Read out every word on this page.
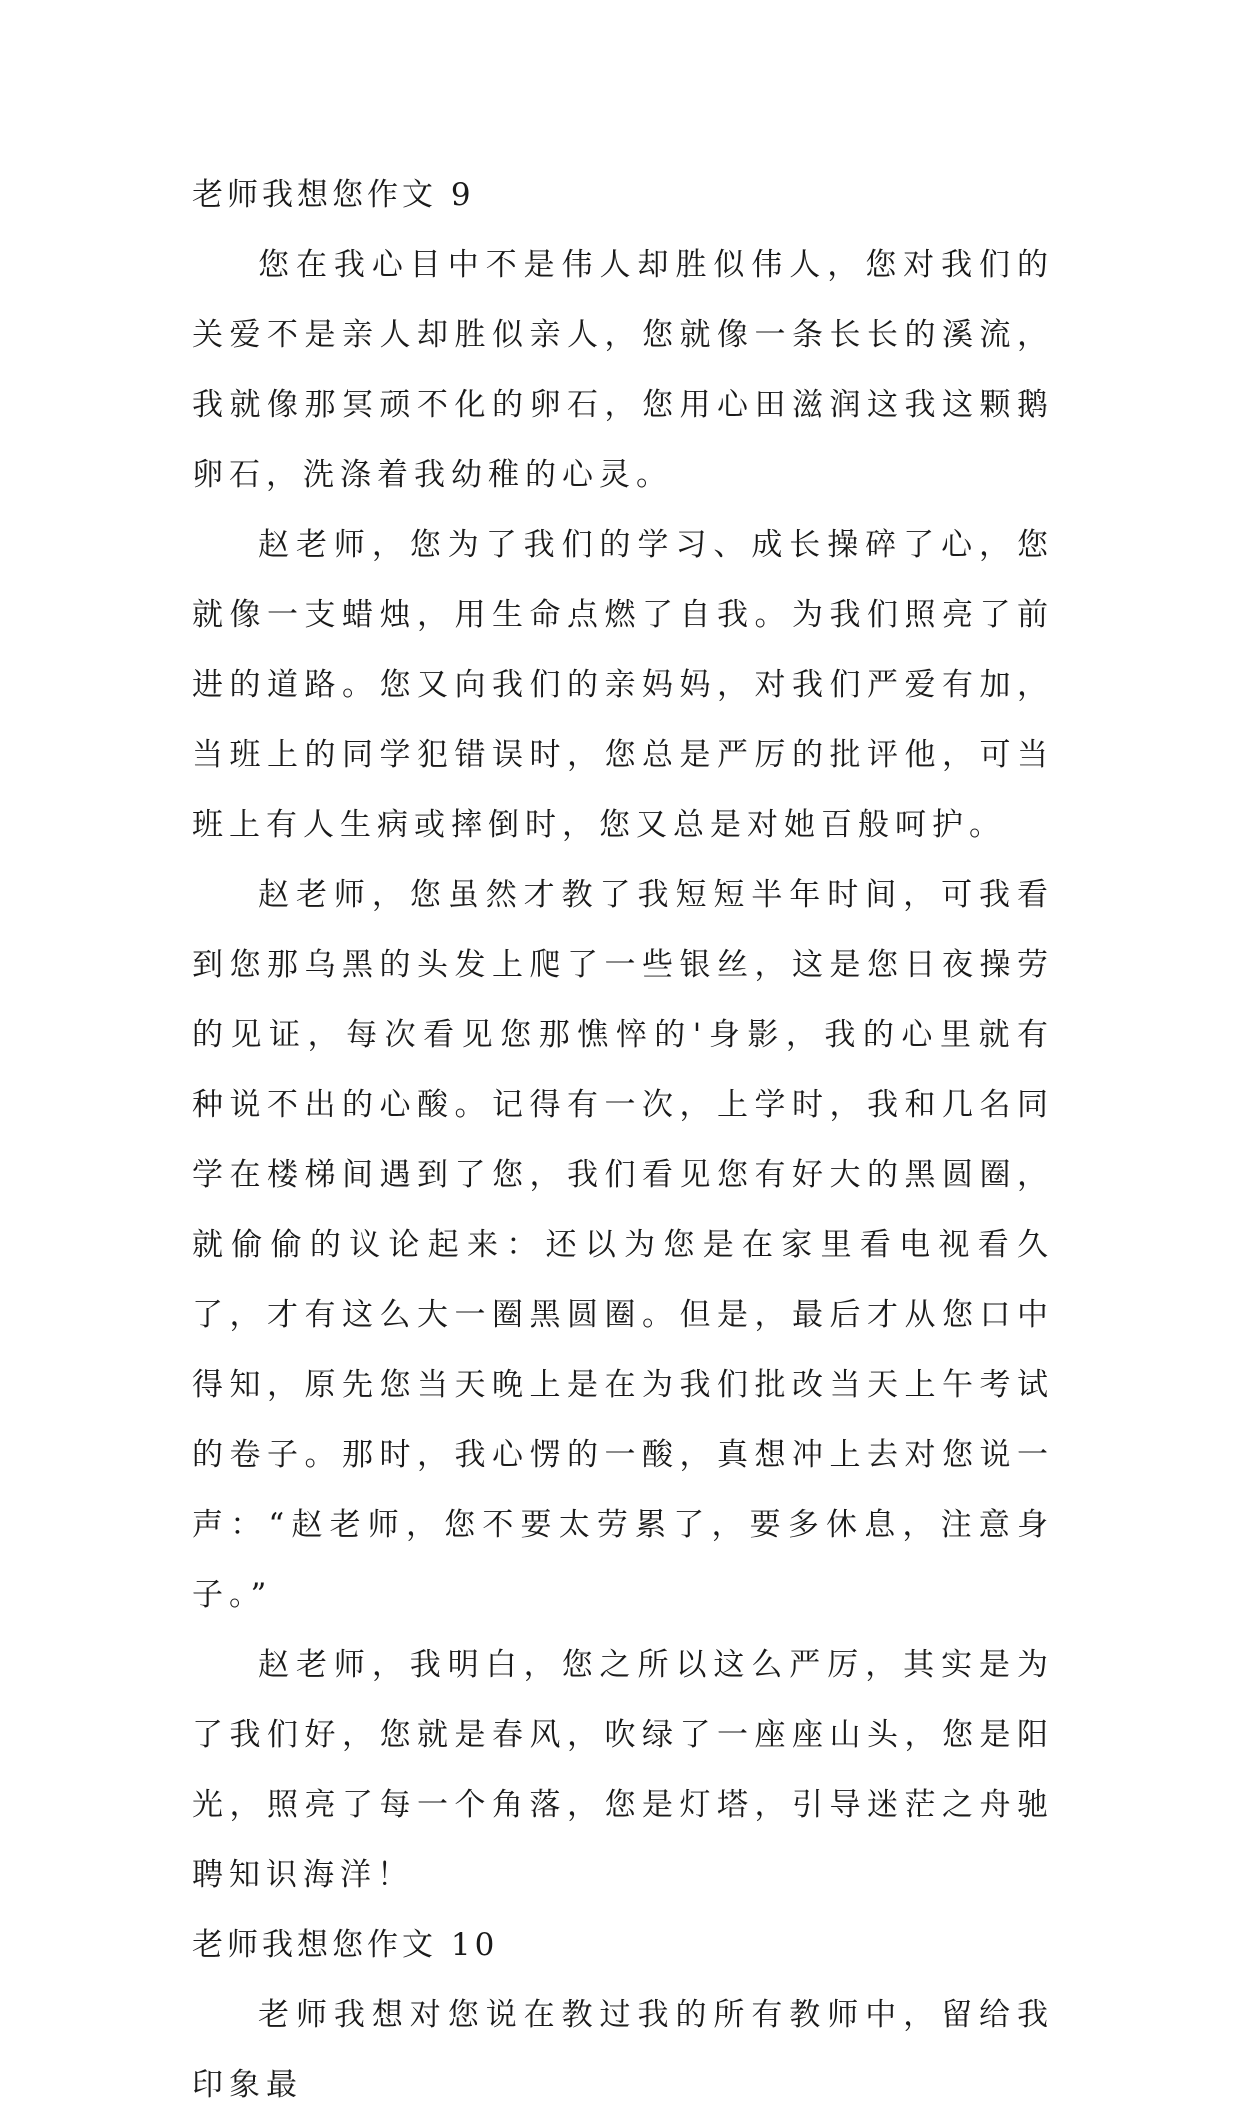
老师我想您作文 9

您在我心目中不是伟人却胜似伟人，您对我们的关爱不是亲人却胜似亲人，您就像一条长长的溪流，我就像那冥顽不化的卵石，您用心田滋润这我这颗鹅卵石，洗涤着我幼稚的心灵。

赵老师，您为了我们的学习、成长操碎了心，您就像一支蜡烛，用生命点燃了自我。为我们照亮了前进的道路。您又向我们的亲妈妈，对我们严爱有加，当班上的同学犯错误时，您总是严厉的批评他，可当班上有人生病或摔倒时，您又总是对她百般呵护。

赵老师，您虽然才教了我短短半年时间，可我看到您那乌黑的头发上爬了一些银丝，这是您日夜操劳的见证，每次看见您那憔悴的'身影，我的心里就有种说不出的心酸。记得有一次，上学时，我和几名同学在楼梯间遇到了您，我们看见您有好大的黑圆圈，就偷偷的议论起来：还以为您是在家里看电视看久了，才有这么大一圈黑圆圈。但是，最后才从您口中得知，原先您当天晚上是在为我们批改当天上午考试的卷子。那时，我心愣的一酸，真想冲上去对您说一声：“赵老师，您不要太劳累了，要多休息，注意身子。”

赵老师，我明白，您之所以这么严厉，其实是为了我们好，您就是春风，吹绿了一座座山头，您是阳光，照亮了每一个角落，您是灯塔，引导迷茫之舟驰聘知识海洋！

老师我想您作文 10

老师我想对您说在教过我的所有教师中，留给我印象最
